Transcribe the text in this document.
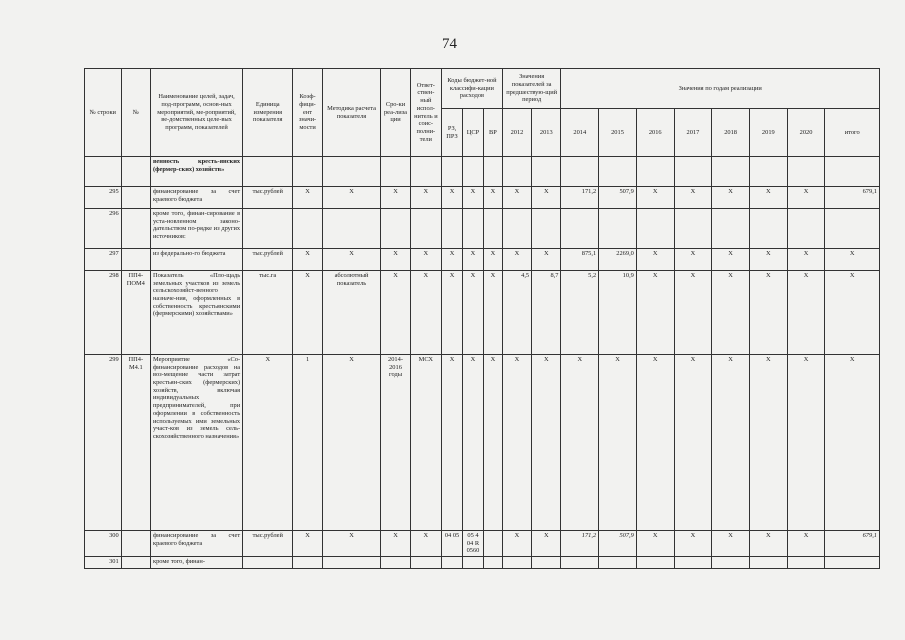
74
№ строки	№	Наименование целей, задач, под-программ, основ-ных мероприятий, ме-роприятий, ве-домственных целе-вых программ, показателей	Единица измерения показателя	Коэф-фици-ент значи-мости	Методика расчета показателя	Сро-ки реа-лиза ции	Ответ-ствен-ный испол-нитель и соис-полни-тели	Коды бюджет-ной классифи-кации расходов			Значения показателей за предшествую-щий период		Значения по годам реализации							
								РЗ, ПРЗ	ЦСР	ВР	2012	2013	2014	2015	2016	2017	2018	2019	2020	итого
		венность кресть-янских (фермер-ских) хозяйств»																		
295		финансирование за счет краевого бюджета	тыс.рублей	X	X	X	X	X	X	X	X	X	171,2	507,9	X	X	X	X	X	679,1
296		кроме того, финан-сирование в уста-новленном законо-дательством по-рядке из других источников:																		
297		из федерально-го бюджета	тыс.рублей	X	X	X	X	X	X	X	X	X	875,1	2269,0	X	X	X	X	X	X
298	ПП4-ПОМ4	Показатель «Пло-щадь земельных участков из земель сельскохозяйст-венного назначе-ния, оформленных в собственность крестьянскими (фермерскими) хозяйствами»	тыс.га	X	абсолютный показатель	X	X	X	X	X	4,5	8,7	5,2	10,9	X	X	X	X	X	X
299	ПП4-М4.1	Мероприятие «Со-финансирование расходов на воз-мещение части затрат крестьян-ских (фермерских) хозяйств, включая индивидуальных предпринимателей, при оформлении в собственность используемых ими земельных участ-ков из земель сель-скохозяйственного назначения»	X	1	X	2014-2016 годы	МСХ	X	X	X	X	X	X	X	X	X	X	X	X	X
300		финансирование за счет краевого бюджета	тыс.рублей	X	X	X	X	04 05	05 4 04 R 0560		X	X	171,2	507,9	X	X	X	X	X	679,1
301		кроме того, финан-																		
